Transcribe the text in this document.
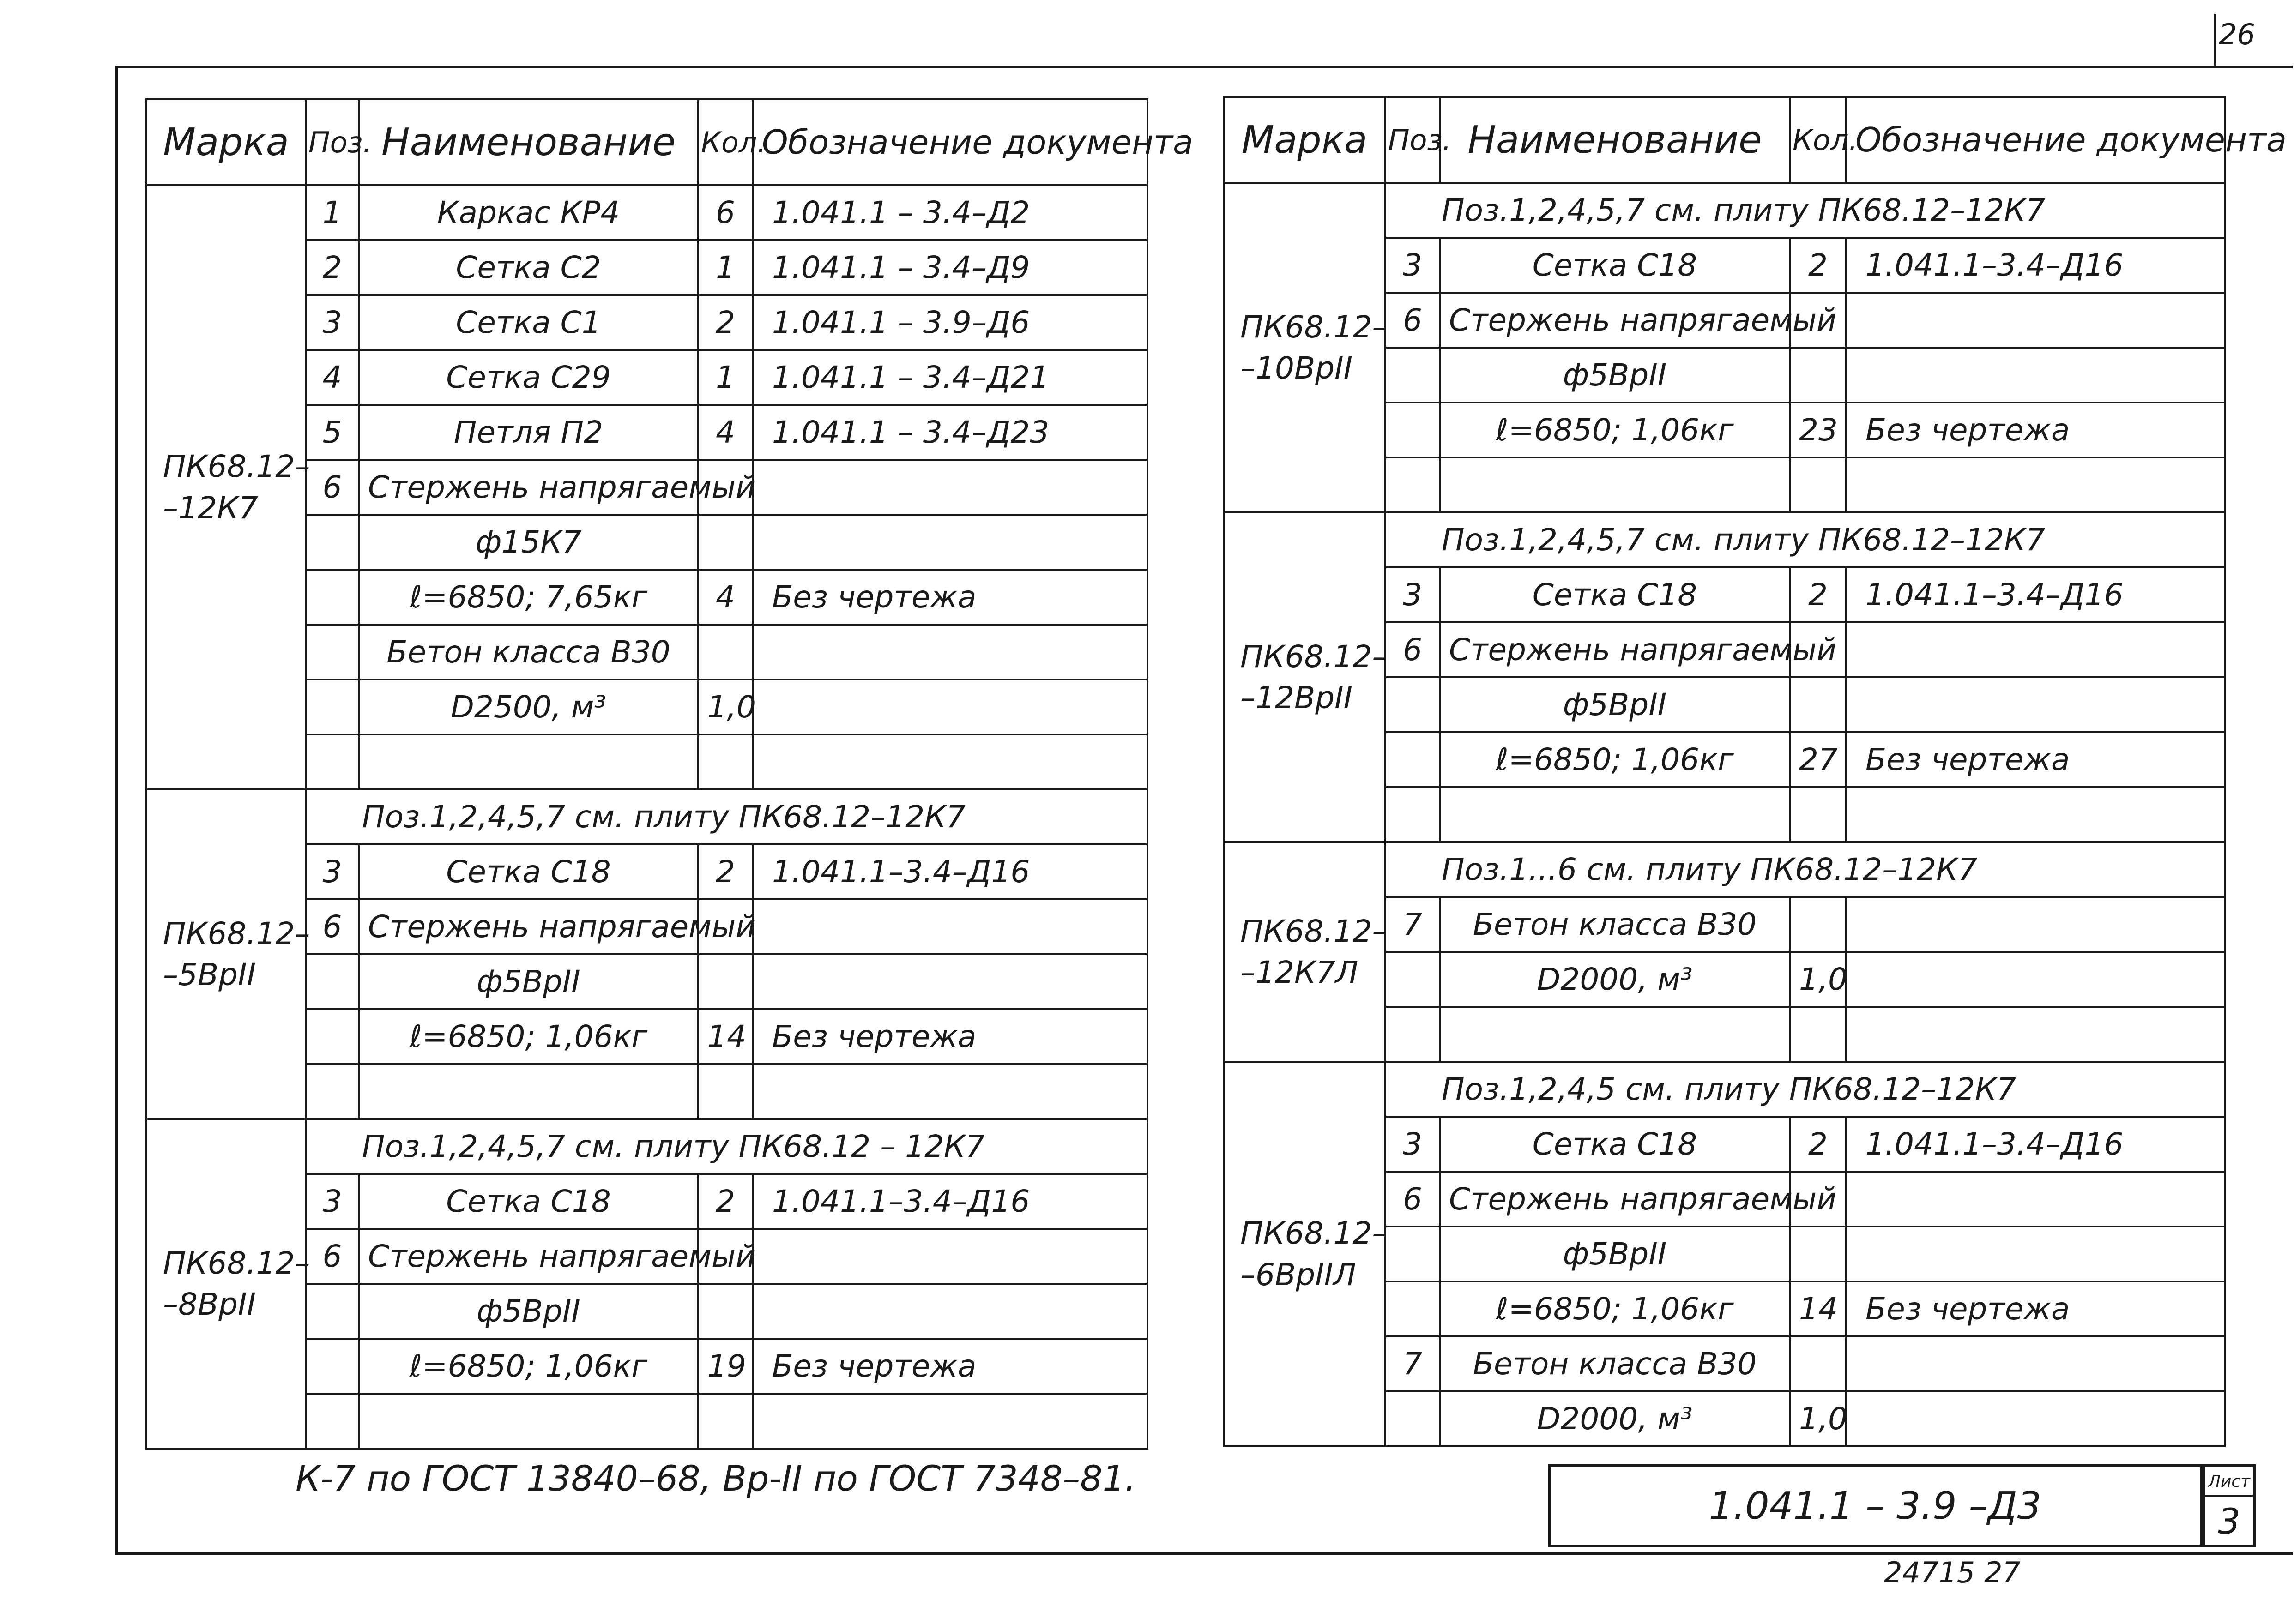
26
Марка	Поз.	Наименование	Кол.	Обозначение документа
ПК68.12– –12К7	1	Каркас КР4	6	1.041.1 – 3.4–Д2
	2	Сетка С2	1	1.041.1 – 3.4–Д9
	3	Сетка С1	2	1.041.1 – 3.9–Д6
	4	Сетка С29	1	1.041.1 – 3.4–Д21
	5	Петля П2	4	1.041.1 – 3.4–Д23
	6	Стержень напрягаемый		
		ф15К7		
		ℓ=6850; 7,65кг	4	Без чертежа
		Бетон класса В30		
		D2500, м³	1,0	

ПК68.12– –5ВрII	Поз.1,2,4,5,7 см. плиту ПК68.12–12К7			
	3	Сетка С18	2	1.041.1–3.4–Д16
	6	Стержень напрягаемый		
		ф5ВрII		
		ℓ=6850; 1,06кг	14	Без чертежа

ПК68.12– –8ВрII	Поз.1,2,4,5,7 см. плиту ПК68.12 – 12К7			
	3	Сетка С18	2	1.041.1–3.4–Д16
	6	Стержень напрягаемый		
		ф5ВрII		
		ℓ=6850; 1,06кг	19	Без чертежа

Марка	Поз.	Наименование	Кол.	Обозначение документа
ПК68.12– –10ВрII	Поз.1,2,4,5,7 см. плиту ПК68.12–12К7			
	3	Сетка С18	2	1.041.1–3.4–Д16
	6	Стержень напрягаемый		
		ф5ВрII		
		ℓ=6850; 1,06кг	23	Без чертежа

ПК68.12– –12ВрII	Поз.1,2,4,5,7 см. плиту ПК68.12–12К7			
	3	Сетка С18	2	1.041.1–3.4–Д16
	6	Стержень напрягаемый		
		ф5ВрII		
		ℓ=6850; 1,06кг	27	Без чертежа

ПК68.12– –12К7Л	Поз.1...6 см. плиту ПК68.12–12К7			
	7	Бетон класса В30		
		D2000, м³	1,0	

ПК68.12– –6ВрIIЛ	Поз.1,2,4,5 см. плиту ПК68.12–12К7			
	3	Сетка С18	2	1.041.1–3.4–Д16
	6	Стержень напрягаемый		
		ф5ВрII		
		ℓ=6850; 1,06кг	14	Без чертежа
	7	Бетон класса В30		
		D2000, м³	1,0	
К-7 по ГОСТ 13840–68, Вр-II по ГОСТ 7348–81.
1.041.1 – 3.9 –Д3
Лист
3
24715 27
